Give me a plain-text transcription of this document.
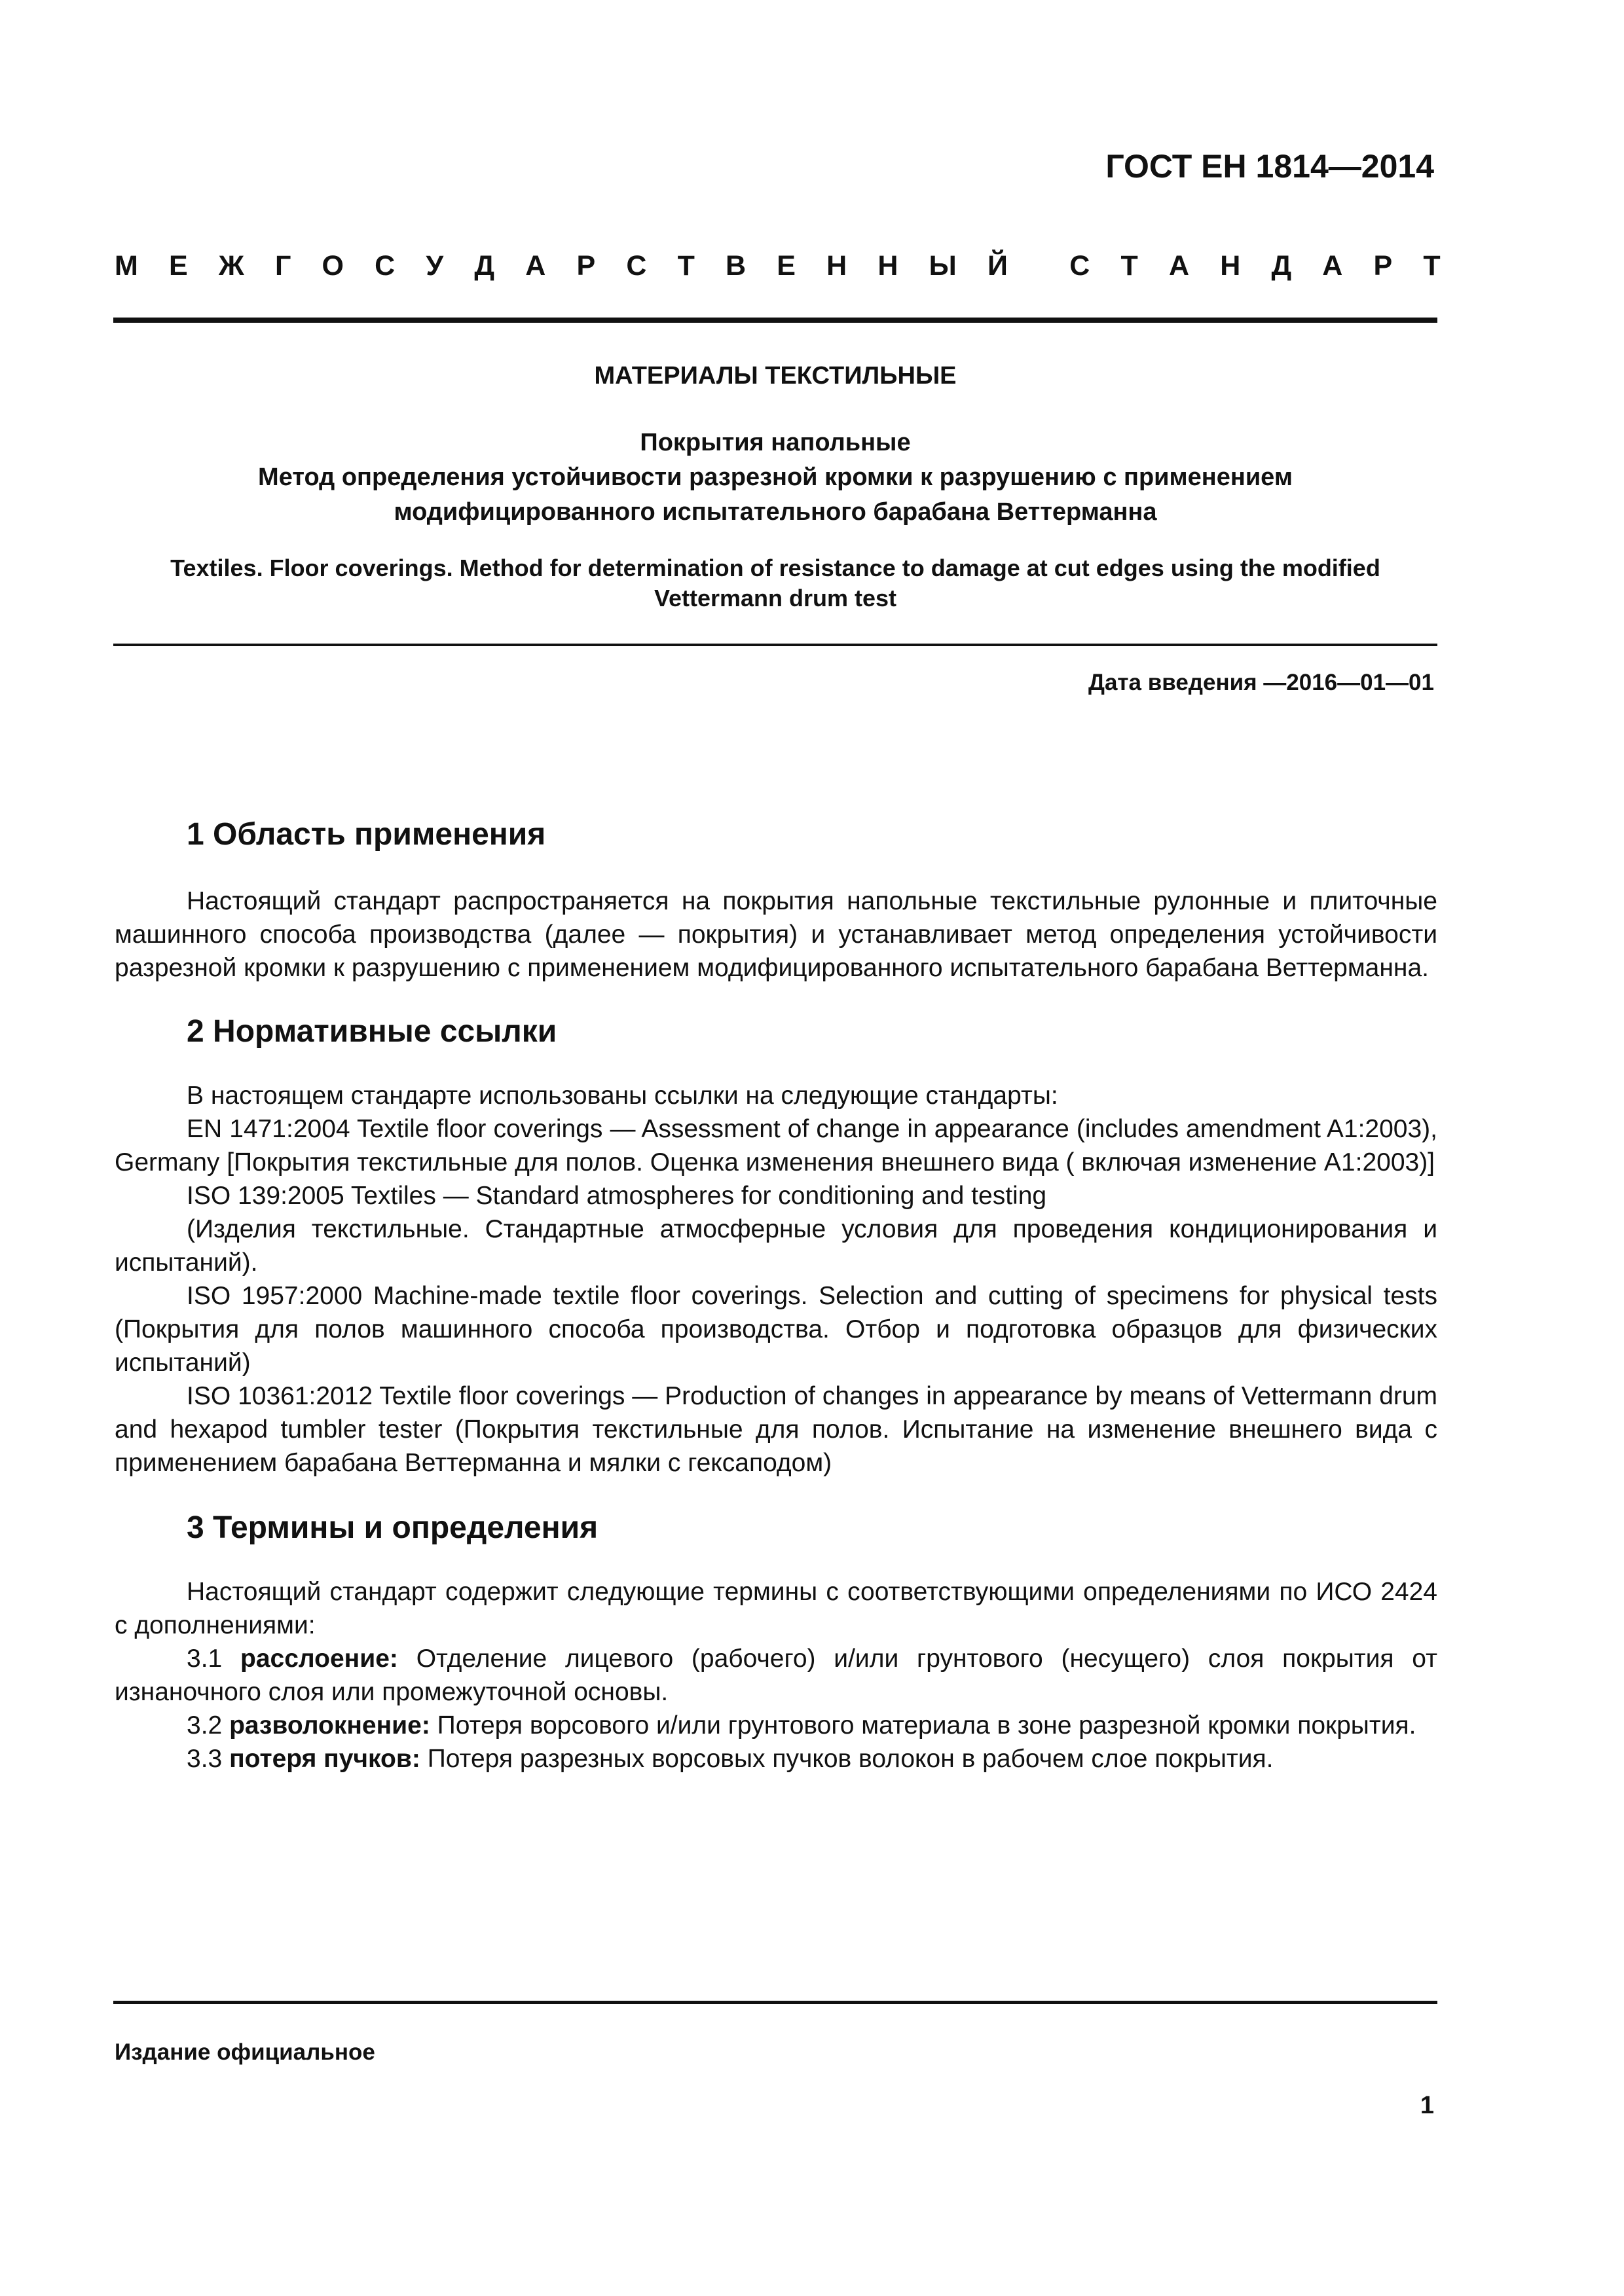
ГОСТ EH 1814—2014
М Е Ж Г О С У Д А Р С Т В Е Н Н Ы Й С Т А Н Д А Р Т
МАТЕРИАЛЫ ТЕКСТИЛЬНЫЕ
Покрытия напольные
Метод определения устойчивости разрезной кромки к разрушению с применением
модифицированного испытательного барабана Веттерманна
Textiles. Floor coverings. Method for determination of resistance to damage at cut edges using the modified
Vettermann drum test
Дата введения —2016—01—01
1 Область применения

Настоящий стандарт распространяется на покрытия напольные текстильные рулонные и плиточные машинного способа производства (далее — покрытия) и устанавливает метод определения устойчивости разрезной кромки к разрушению с применением модифицированного испытательного барабана Веттерманна.

2 Нормативные ссылки

В настоящем стандарте использованы ссылки на следующие стандарты:

EN 1471:2004 Textile floor coverings — Assessment of change in appearance (includes amendment A1:2003), Germany [Покрытия текстильные для полов. Оценка изменения внешнего вида ( включая изменение A1:2003)]

ISO 139:2005 Textiles — Standard atmospheres for conditioning and testing

(Изделия текстильные. Стандартные атмосферные условия для проведения кондиционирования и испытаний).

ISO 1957:2000 Machine-made textile floor coverings. Selection and cutting of specimens for physical tests (Покрытия для полов машинного способа производства. Отбор и подготовка образцов для физических испытаний)

ISO 10361:2012 Textile floor coverings — Production of changes in appearance by means of Vettermann drum and hexapod tumbler tester (Покрытия текстильные для полов. Испытание на изменение внешнего вида с применением барабана Веттерманна и мялки с гексаподом)

3 Термины и определения

Настоящий стандарт содержит следующие термины с соответствующими определениями по ИСО 2424 с дополнениями:

3.1 расслоение: Отделение лицевого (рабочего) и/или грунтового (несущего) слоя покрытия от изнаночного слоя или промежуточной основы.

3.2 разволокнение: Потеря ворсового и/или грунтового материала в зоне разрезной кромки покрытия.

3.3 потеря пучков: Потеря разрезных ворсовых пучков волокон в рабочем слое покрытия.

Издание официальное
1
